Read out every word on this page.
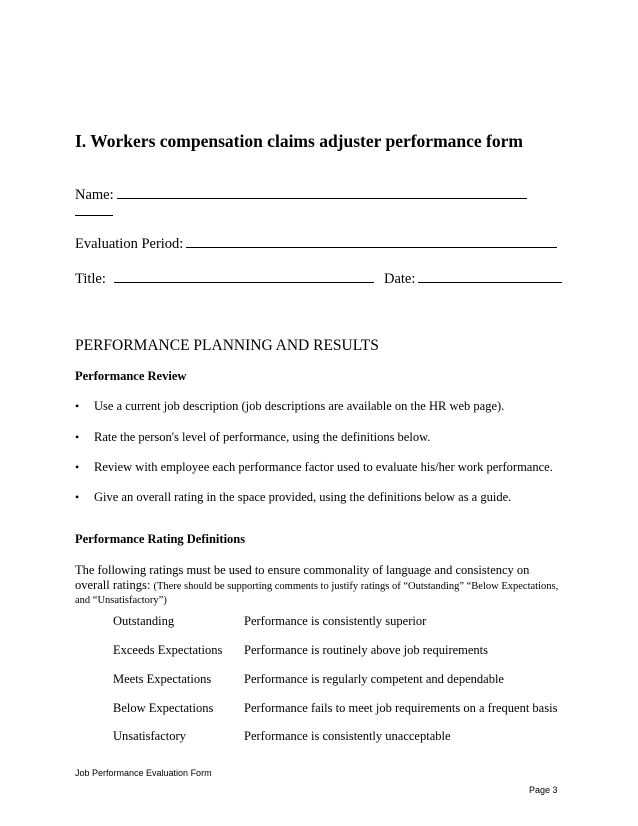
I. Workers compensation claims adjuster performance form
Name:
Evaluation Period:
Title:	Date:
PERFORMANCE PLANNING AND RESULTS
Performance Review
• Use a current job description (job descriptions are available on the HR web page).
• Rate the person's level of performance, using the definitions below.
• Review with employee each performance factor used to evaluate his/her work performance.
• Give an overall rating in the space provided, using the definitions below as a guide.
Performance Rating Definitions
The following ratings must be used to ensure commonality of language and consistency on
overall ratings: (There should be supporting comments to justify ratings of “Outstanding” “Below Expectations,
and “Unsatisfactory”)
Outstanding	Performance is consistently superior
Exceeds Expectations Performance is routinely above job requirements
Meets Expectations	Performance is regularly competent and dependable
Below Expectations Performance fails to meet job requirements on a frequent basis
Unsatisfactory	Performance is consistently unacceptable
Job Performance Evaluation Form
Page 3
